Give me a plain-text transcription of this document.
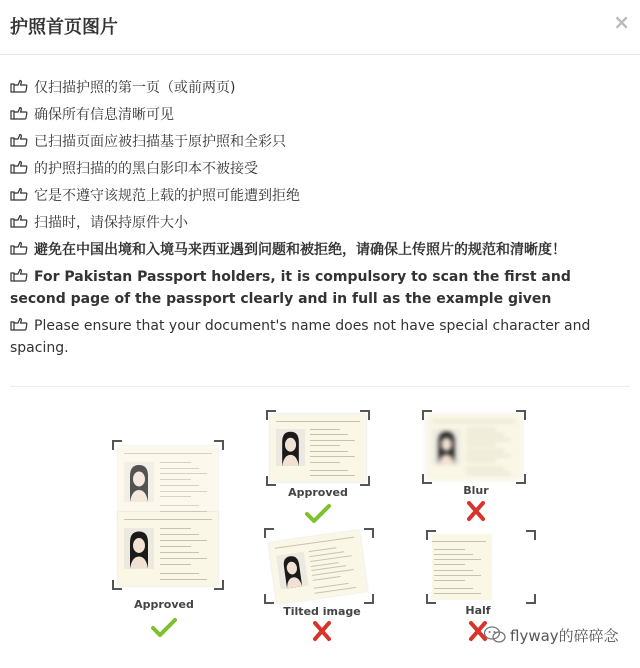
护照首页图片	×
仅扫描护照的第一页（或前两页)
确保所有信息清晰可见
已扫描页面应被扫描基于原护照和全彩只
的护照扫描的的黑白影印本不被接受
它是不遵守该规范上载的护照可能遭到拒绝
扫描时，请保持原件大小
避免在中国出境和入境马来西亚遇到问题和被拒绝，请确保上传照片的规范和清晰度！
For Pakistan Passport holders, it is compulsory to scan the first and second page of the passport clearly and in full as the example given
Please ensure that your document's name does not have special character and spacing.
Approved
Approved	Blur
Tilted image	Half
flyway的碎碎念
